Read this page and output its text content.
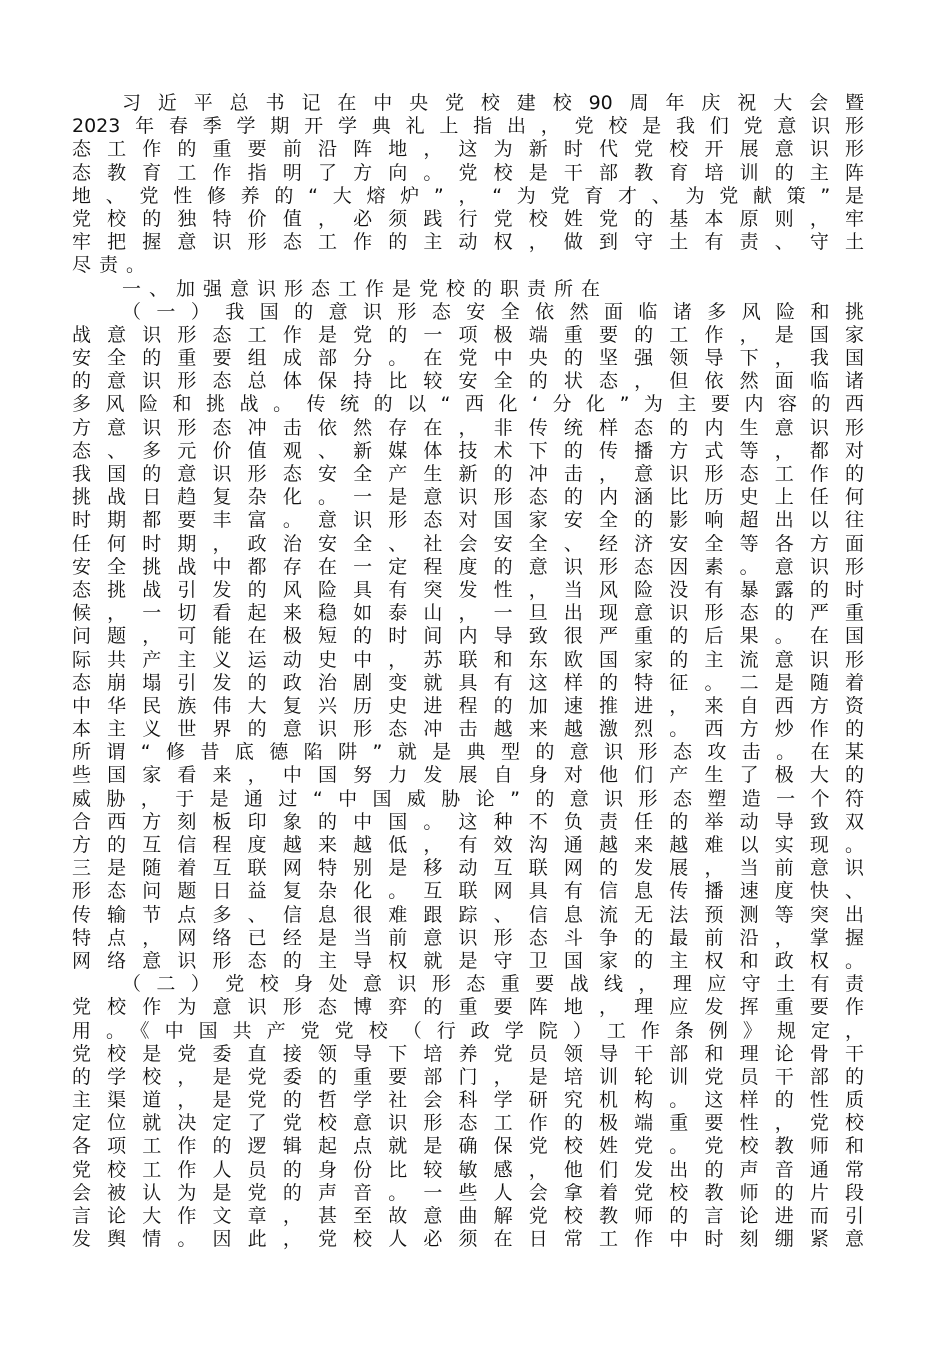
习近平总书记在中央党校建校90周年庆祝大会暨
2023年春季学期开学典礼上指出，党校是我们党意识形
态工作的重要前沿阵地，这为新时代党校开展意识形
态教育工作指明了方向。党校是干部教育培训的主阵
地、党性修养的“大熔炉”，“为党育才、为党献策”是
党校的独特价值，必须践行党校姓党的基本原则，牢
牢把握意识形态工作的主动权，做到守土有责、守土
尽责。
一、加强意识形态工作是党校的职责所在
（一）我国的意识形态安全依然面临诸多风险和挑
战意识形态工作是党的一项极端重要的工作，是国家
安全的重要组成部分。在党中央的坚强领导下，我国
的意识形态总体保持比较安全的状态，但依然面临诸
多风险和挑战。传统的以“西化‘分化”为主要内容的西
方意识形态冲击依然存在，非传统样态的内生意识形
态、多元价值观、新媒体技术下的传播方式等，都对
我国的意识形态安全产生新的冲击，意识形态工作的
挑战日趋复杂化。一是意识形态的内涵比历史上任何
时期都要丰富。意识形态对国家安全的影响超出以往
任何时期，政治安全、社会安全、经济安全等各方面
安全挑战中都存在一定程度的意识形态因素。意识形
态挑战引发的风险具有突发性，当风险没有暴露的时
候，一切看起来稳如泰山，一旦出现意识形态的严重
问题，可能在极短的时间内导致很严重的后果。在国
际共产主义运动史中，苏联和东欧国家的主流意识形
态崩塌引发的政治剧变就具有这样的特征。二是随着
中华民族伟大复兴历史进程的加速推进，来自西方资
本主义世界的意识形态冲击越来越激烈。西方炒作的
所谓“修昔底德陷阱”就是典型的意识形态攻击。在某
些国家看来，中国努力发展自身对他们产生了极大的
威胁，于是通过“中国威胁论”的意识形态塑造一个符
合西方刻板印象的中国。这种不负责任的举动导致双
方的互信程度越来越低，有效沟通越来越难以实现。
三是随着互联网特别是移动互联网的发展，当前意识
形态问题日益复杂化。互联网具有信息传播速度快、
传输节点多、信息很难跟踪、信息流无法预测等突出
特点，网络已经是当前意识形态斗争的最前沿，掌握
网络意识形态的主导权就是守卫国家的主权和政权。
（二）党校身处意识形态重要战线，理应守土有责
党校作为意识形态博弈的重要阵地，理应发挥重要作
用。《中国共产党党校（行政学院）工作条例》规定，
党校是党委直接领导下培养党员领导干部和理论骨干
的学校，是党委的重要部门，是培训轮训党员干部的
主渠道，是党的哲学社会科学研究机构。这样的性质
定位就决定了党校意识形态工作的极端重要性，党校
各项工作的逻辑起点就是确保党校姓党。党校教师和
党校工作人员的身份比较敏感，他们发出的声音通常
会被认为是党的声音。一些人会拿着党校教师的片段
言论大作文章，甚至故意曲解党校教师的言论进而引
发舆情。因此，党校人必须在日常工作中时刻绷紧意
